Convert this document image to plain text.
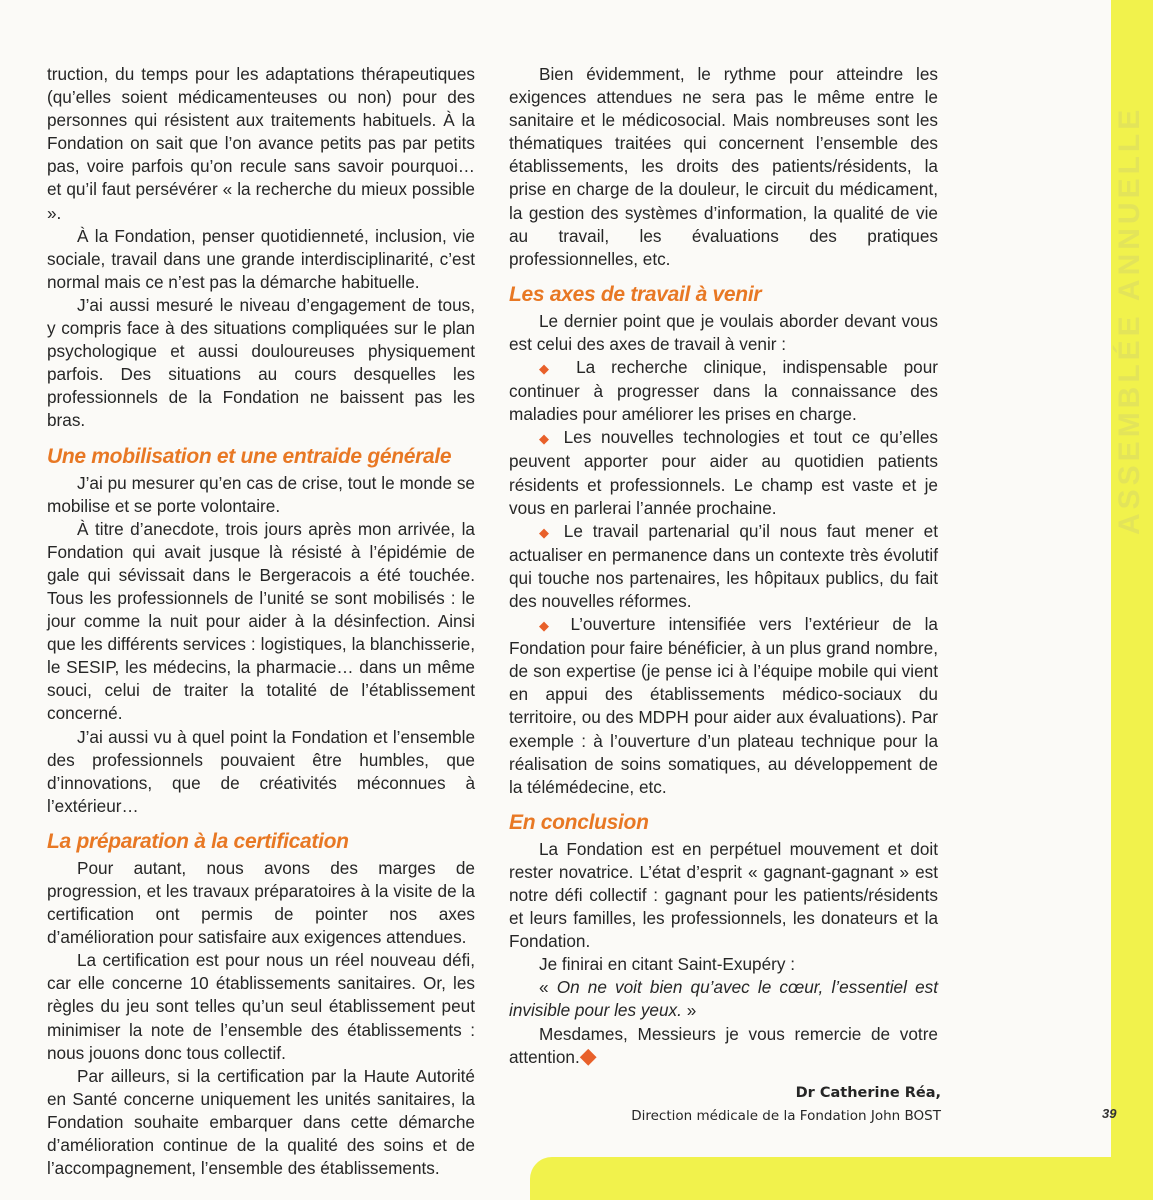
ASSEMBLÉE ANNUELLE
39

truction, du temps pour les adaptations thérapeutiques (qu’elles soient médicamenteuses ou non) pour des personnes qui résistent aux traitements habituels. À la Fondation on sait que l’on avance petits pas par petits pas, voire parfois qu’on recule sans savoir pourquoi… et qu’il faut persévérer « la recherche du mieux possible ».

À la Fondation, penser quotidienneté, inclusion, vie sociale, travail dans une grande interdisciplinarité, c’est normal mais ce n’est pas la démarche habituelle.

J’ai aussi mesuré le niveau d’engagement de tous, y compris face à des situations compliquées sur le plan psychologique et aussi douloureuses physiquement parfois. Des situations au cours desquelles les professionnels de la Fondation ne baissent pas les bras.

Une mobilisation et une entraide générale

J’ai pu mesurer qu’en cas de crise, tout le monde se mobilise et se porte volontaire.

À titre d’anecdote, trois jours après mon arrivée, la Fondation qui avait jusque là résisté à l’épidémie de gale qui sévissait dans le Bergeracois a été touchée. Tous les professionnels de l’unité se sont mobilisés : le jour comme la nuit pour aider à la désinfection. Ainsi que les différents services : logistiques, la blanchisserie, le SESIP, les médecins, la pharmacie… dans un même souci, celui de traiter la totalité de l’établissement concerné.

J’ai aussi vu à quel point la Fondation et l’ensemble des professionnels pouvaient être humbles, que d’innovations, que de créativités méconnues à l’extérieur…

La préparation à la certification

Pour autant, nous avons des marges de progression, et les travaux préparatoires à la visite de la certification ont permis de pointer nos axes d’amélioration pour satisfaire aux exigences attendues.

La certification est pour nous un réel nouveau défi, car elle concerne 10 établissements sanitaires. Or, les règles du jeu sont telles qu’un seul établissement peut minimiser la note de l’ensemble des établissements : nous jouons donc tous collectif.

Par ailleurs, si la certification par la Haute Autorité en Santé concerne uniquement les unités sanitaires, la Fondation souhaite embarquer dans cette démarche d’amélioration continue de la qualité des soins et de l’accompagnement, l’ensemble des établissements.

Bien évidemment, le rythme pour atteindre les exigences attendues ne sera pas le même entre le sanitaire et le médicosocial. Mais nombreuses sont les thématiques traitées qui concernent l’ensemble des établissements, les droits des patients/résidents, la prise en charge de la douleur, le circuit du médicament, la gestion des systèmes d’information, la qualité de vie au travail, les évaluations des pratiques professionnelles, etc.

Les axes de travail à venir

Le dernier point que je voulais aborder devant vous est celui des axes de travail à venir :

◆ La recherche clinique, indispensable pour continuer à progresser dans la connaissance des maladies pour améliorer les prises en charge.

◆ Les nouvelles technologies et tout ce qu’elles peuvent apporter pour aider au quotidien patients résidents et professionnels. Le champ est vaste et je vous en parlerai l’année prochaine.

◆ Le travail partenarial qu’il nous faut mener et actualiser en permanence dans un contexte très évolutif qui touche nos partenaires, les hôpitaux publics, du fait des nouvelles réformes.

◆ L’ouverture intensifiée vers l’extérieur de la Fondation pour faire bénéficier, à un plus grand nombre, de son expertise (je pense ici à l’équipe mobile qui vient en appui des établissements médico-sociaux du territoire, ou des MDPH pour aider aux évaluations). Par exemple : à l’ouverture d’un plateau technique pour la réalisation de soins somatiques, au développement de la télémédecine, etc.

En conclusion

La Fondation est en perpétuel mouvement et doit rester novatrice. L’état d’esprit « gagnant-gagnant » est notre défi collectif : gagnant pour les patients/résidents et leurs familles, les professionnels, les donateurs et la Fondation.

Je finirai en citant Saint-Exupéry :

« On ne voit bien qu’avec le cœur, l’essentiel est invisible pour les yeux. »

Mesdames, Messieurs je vous remercie de votre attention.◆

Dr Catherine Réa,
Direction médicale de la Fondation John BOST
